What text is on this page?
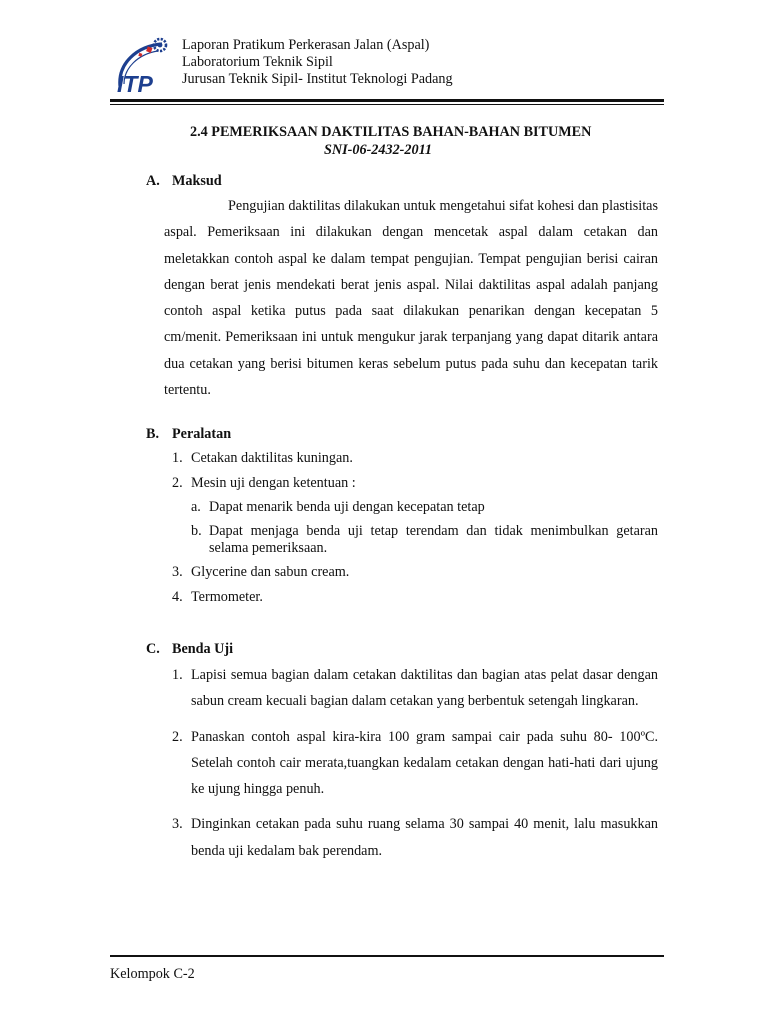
ITP
Laporan Pratikum Perkerasan Jalan (Aspal)
Laboratorium Teknik Sipil
Jurusan Teknik Sipil- Institut Teknologi Padang
2.4 PEMERIKSAAN DAKTILITAS BAHAN-BAHAN BITUMEN
SNI-06-2432-2011
A. Maksud

Pengujian daktilitas dilakukan untuk mengetahui sifat kohesi dan plastisitas aspal. Pemeriksaan ini dilakukan dengan mencetak aspal dalam cetakan dan meletakkan contoh aspal ke dalam tempat pengujian. Tempat pengujian berisi cairan dengan berat jenis mendekati berat jenis aspal. Nilai daktilitas aspal adalah panjang contoh aspal ketika putus pada saat dilakukan penarikan dengan kecepatan 5 cm/menit. Pemeriksaan ini untuk mengukur jarak terpanjang yang dapat ditarik antara dua cetakan yang berisi bitumen keras sebelum putus pada suhu dan kecepatan tarik tertentu.

B. Peralatan
1. Cetakan daktilitas kuningan.
2. Mesin uji dengan ketentuan :
a. Dapat menarik benda uji dengan kecepatan tetap
b. Dapat menjaga benda uji tetap terendam dan tidak menimbulkan getaran selama pemeriksaan.
3. Glycerine dan sabun cream.
4. Termometer.
C. Benda Uji
1. Lapisi semua bagian dalam cetakan daktilitas dan bagian atas pelat dasar dengan sabun cream kecuali bagian dalam cetakan yang berbentuk setengah lingkaran.
2. Panaskan contoh aspal kira-kira 100 gram sampai cair pada suhu 80- 100ºC. Setelah contoh cair merata,tuangkan kedalam cetakan dengan hati-hati dari ujung ke ujung hingga penuh.
3. Dinginkan cetakan pada suhu ruang selama 30 sampai 40 menit, lalu masukkan benda uji kedalam bak perendam.
Kelompok C-2
